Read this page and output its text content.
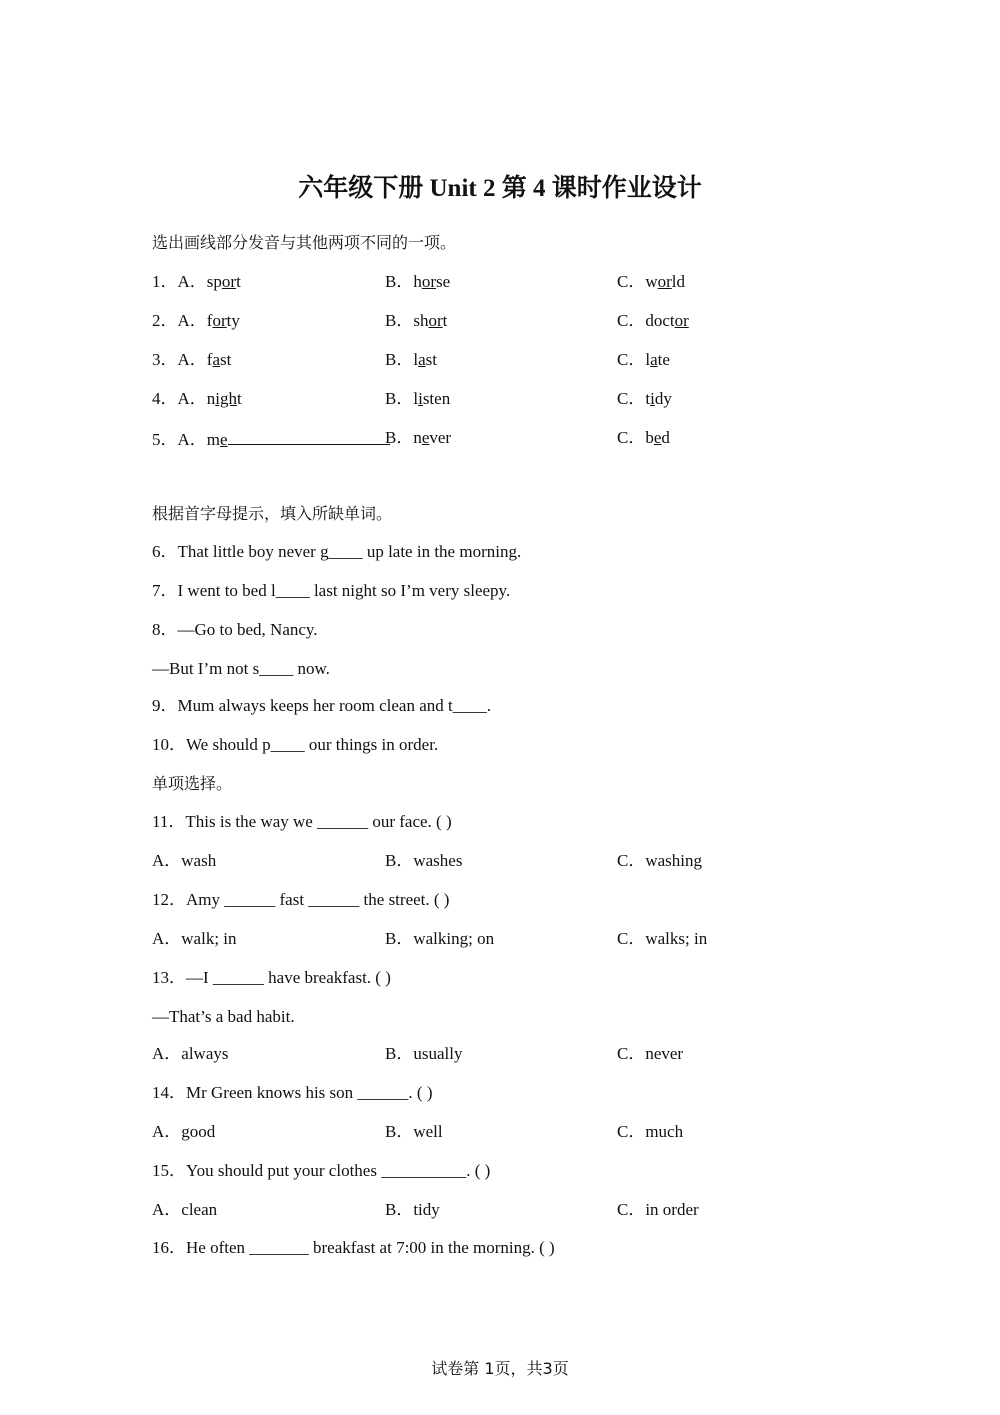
六年级下册 Unit 2 第 4 课时作业设计
选出画线部分发音与其他两项不同的一项。
1．A．sport	B．horse	C．world
2．A．forty	B．short	C．doctor
3．A．fast	B．last	C．late
4．A．night	B．listen	C．tidy
5．A．me	B．never	C．bed
根据首字母提示，填入所缺单词。
6．That little boy never g____ up late in the morning.
7．I went to bed l____ last night so I’m very sleepy.
8．—Go to bed, Nancy.
—But I’m not s____ now.
9．Mum always keeps her room clean and t____.
10．We should p____ our things in order.
单项选择。
11．This is the way we ______ our face. ( )
A．wash	B．washes	C．washing
12．Amy ______ fast ______ the street. ( )
A．walk; in	B．walking; on	C．walks; in
13．—I ______ have breakfast. ( )
—That’s a bad habit.
A．always	B．usually	C．never
14．Mr Green knows his son ______. ( )
A．good	B．well	C．much
15．You should put your clothes __________. ( )
A．clean	B．tidy	C．in order
16．He often _______ breakfast at 7:00 in the morning. ( )
试卷第 1页，共3页
